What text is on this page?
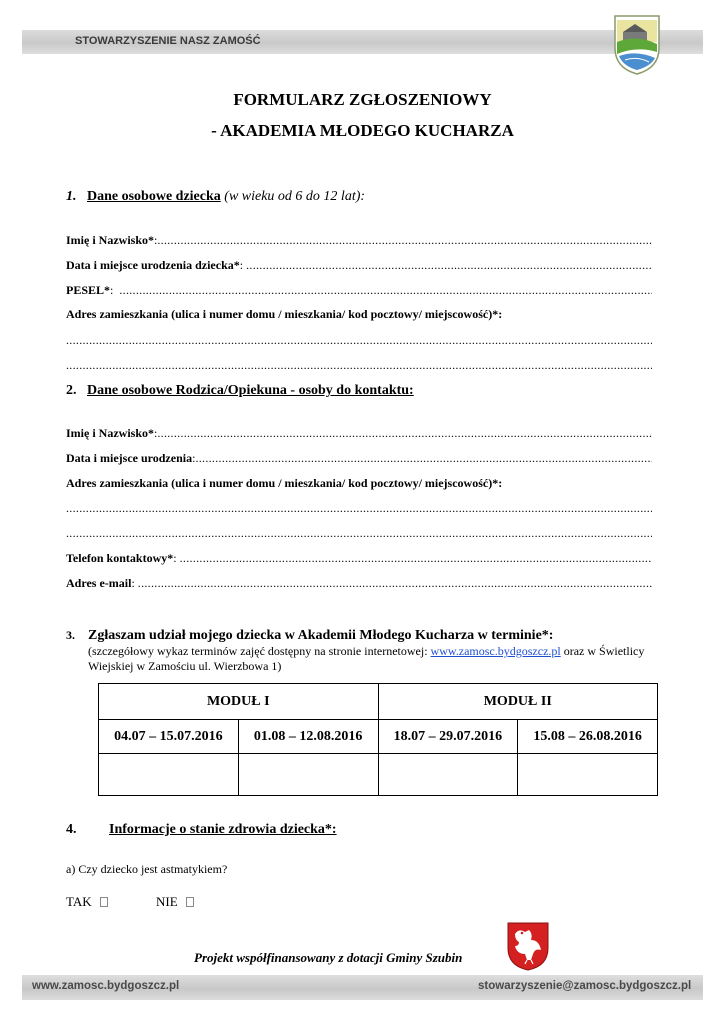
STOWARZYSZENIE NASZ ZAMOŚĆ
FORMULARZ ZGŁOSZENIOWY
- AKADEMIA MŁODEGO KUCHARZA
1. Dane osobowe dziecka (w wieku od 6 do 12 lat):
Imię i Nazwisko* :
.....
Data i miejsce urodzenia dziecka* :

.....
PESEL* :

.....
Adres zamieszkania (ulica i numer domu / mieszkania/ kod pocztowy/ miejscowość)*:
.....
.....
2. Dane osobowe Rodzica/Opiekuna - osoby do kontaktu:
Imię i Nazwisko* :
.....
Data i miejsce urodzenia :
.....
Adres zamieszkania (ulica i numer domu / mieszkania/ kod pocztowy/ miejscowość)*:
.....
.....
Telefon kontaktowy* :

.....
Adres e-mail :

.....
3. Zgłaszam udział mojego dziecka w Akademii Młodego Kucharza w terminie*:
(szczegółowy wykaz terminów zajęć dostępny na stronie internetowej: www.zamosc.bydgoszcz.pl oraz w Świetlicy
Wiejskiej w Zamościu ul. Wierzbowa 1)
MODUŁ I		MODUŁ II	
04.07 – 15.07.2016	01.08 – 12.08.2016	18.07 – 29.07.2016	15.08 – 26.08.2016

4. Informacje o stanie zdrowia dziecka*:
a) Czy dziecko jest astmatykiem?
TAK	NIE
Projekt współfinansowany z dotacji Gminy Szubin
www.zamosc.bydgoszcz.pl	stowarzyszenie@zamosc.bydgoszcz.pl
